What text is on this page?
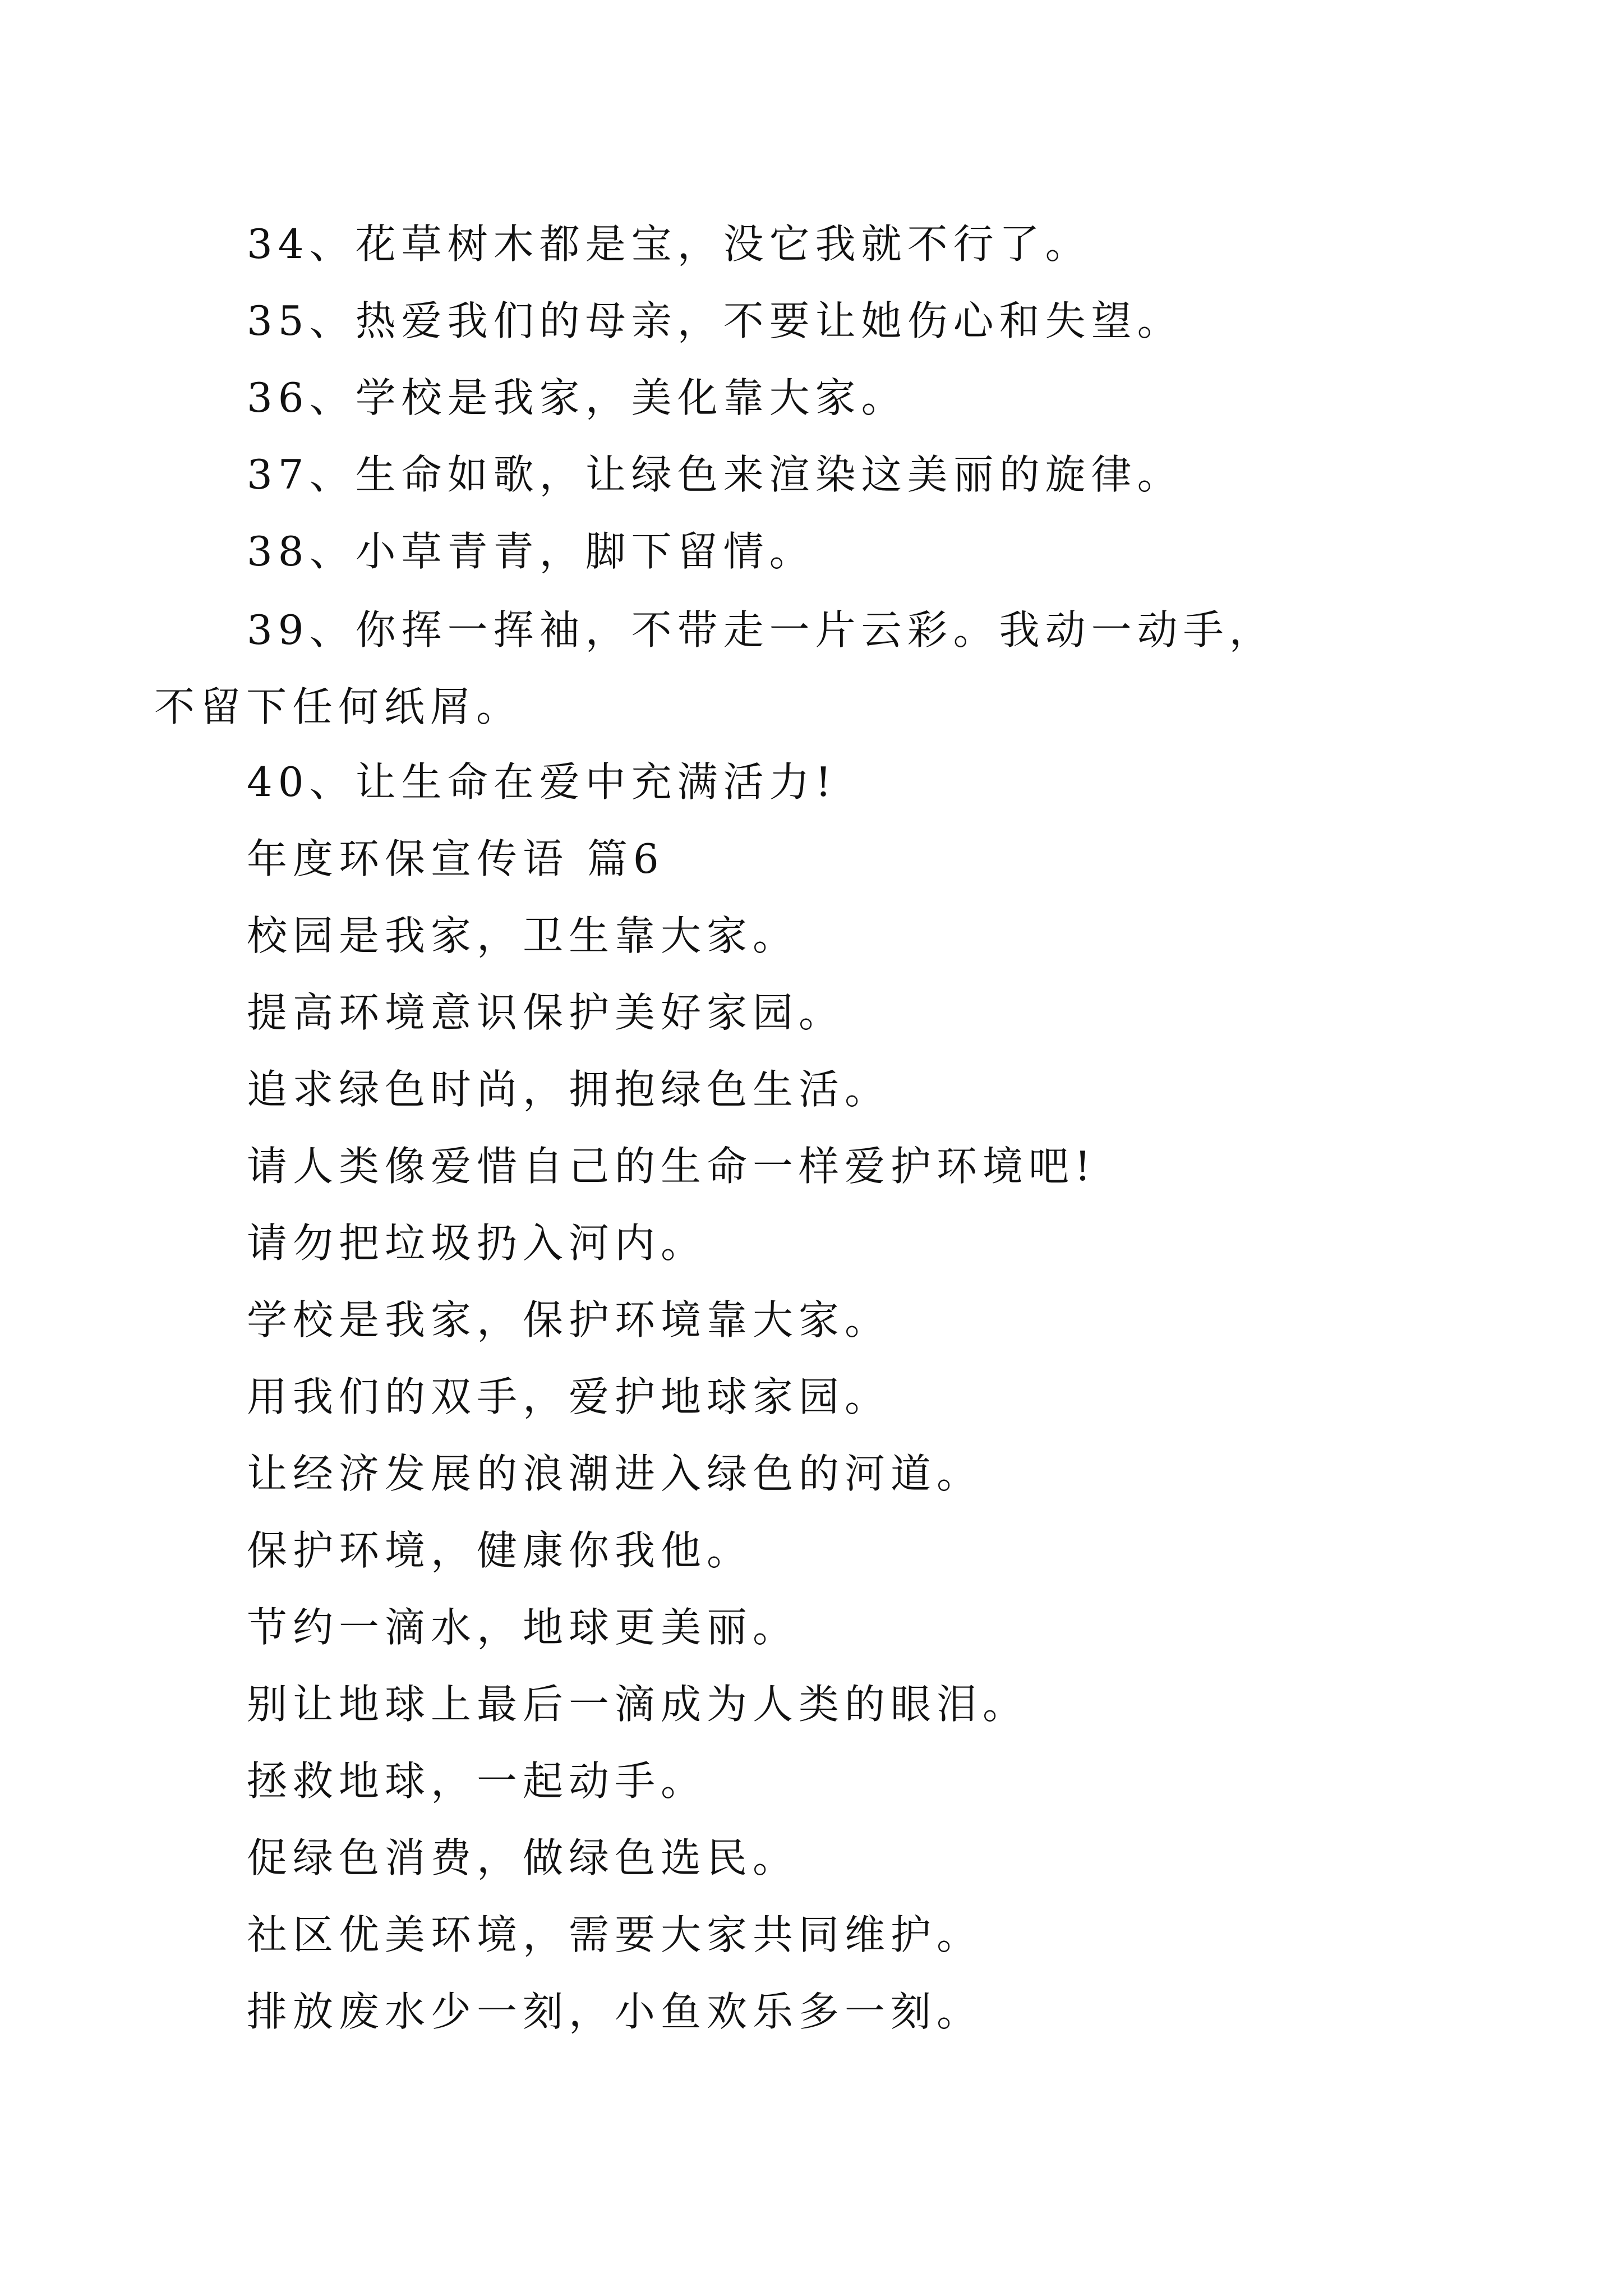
34、花草树木都是宝，没它我就不行了。
35、热爱我们的母亲，不要让她伤心和失望。
36、学校是我家，美化靠大家。
37、生命如歌，让绿色来渲染这美丽的旋律。
38、小草青青，脚下留情。
39、你挥一挥袖，不带走一片云彩。我动一动手，不留下任何纸屑。
40、让生命在爱中充满活力!
年度环保宣传语 篇6
校园是我家，卫生靠大家。
提高环境意识保护美好家园。
追求绿色时尚，拥抱绿色生活。
请人类像爱惜自己的生命一样爱护环境吧!
请勿把垃圾扔入河内。
学校是我家，保护环境靠大家。
用我们的双手，爱护地球家园。
让经济发展的浪潮进入绿色的河道。
保护环境，健康你我他。
节约一滴水，地球更美丽。
别让地球上最后一滴成为人类的眼泪。
拯救地球，一起动手。
促绿色消费，做绿色选民。
社区优美环境，需要大家共同维护。
排放废水少一刻，小鱼欢乐多一刻。
